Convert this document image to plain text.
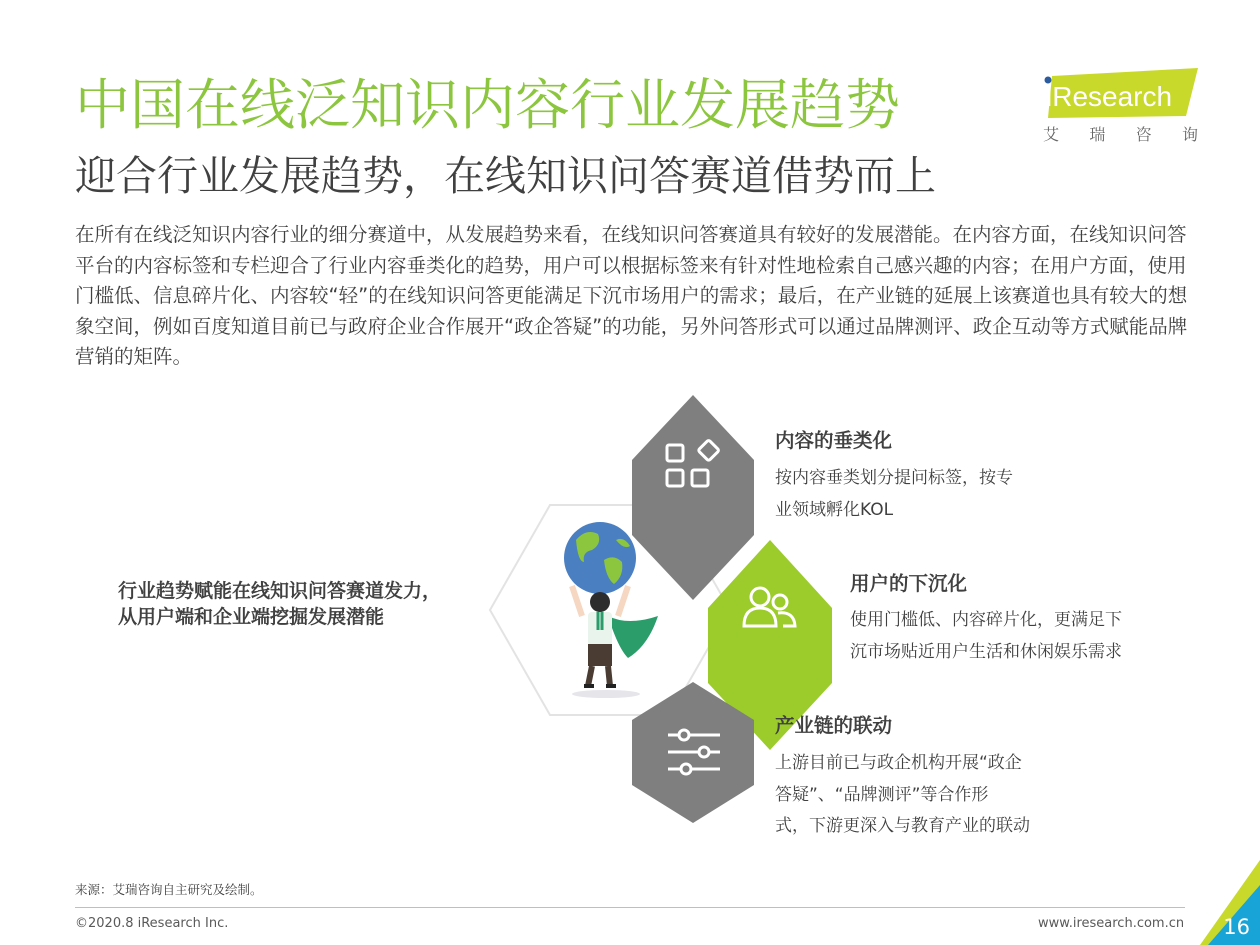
中国在线泛知识内容行业发展趋势
迎合行业发展趋势，在线知识问答赛道借势而上
iResearch
艾 瑞 咨 询
在所有在线泛知识内容行业的细分赛道中，从发展趋势来看，在线知识问答赛道具有较好的发展潜能。在内容方面，在线知识问答平台的内容标签和专栏迎合了行业内容垂类化的趋势，用户可以根据标签来有针对性地检索自己感兴趣的内容；在用户方面，使用门槛低、信息碎片化、内容较“轻”的在线知识问答更能满足下沉市场用户的需求；最后，在产业链的延展上该赛道也具有较大的想象空间，例如百度知道目前已与政府企业合作展开“政企答疑”的功能，另外问答形式可以通过品牌测评、政企互动等方式赋能品牌营销的矩阵。
行业趋势赋能在线知识问答赛道发力，
从用户端和企业端挖掘发展潜能
内容的垂类化
按内容垂类划分提问标签，按专
业领域孵化KOL
用户的下沉化
使用门槛低、内容碎片化，更满足下
沉市场贴近用户生活和休闲娱乐需求
产业链的联动
上游目前已与政企机构开展“政企
答疑”、“品牌测评”等合作形
式，下游更深入与教育产业的联动
来源：艾瑞咨询自主研究及绘制。
©2020.8 iResearch Inc.	www.iresearch.com.cn 16
